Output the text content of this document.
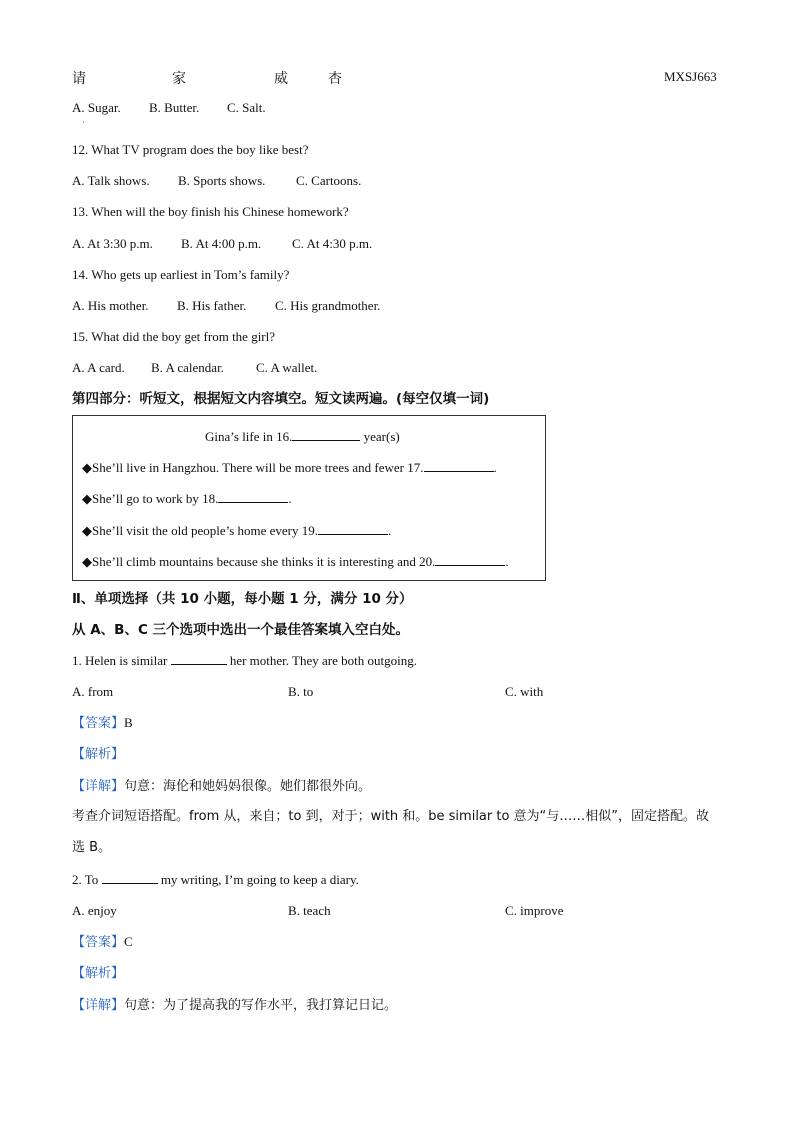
请	家	威	杏	MXSJ663
A. Sugar. B. Butter. C. Salt.
·
12. What TV program does the boy like best?
A. Talk shows. B. Sports shows. C. Cartoons.
13. When will the boy finish his Chinese homework?
A. At 3:30 p.m. B. At 4:00 p.m. C. At 4:30 p.m.
14. Who gets up earliest in Tom’s family?
A. His mother. B. His father. C. His grandmother.
15. What did the boy get from the girl?
A. A card. B. A calendar. C. A wallet.
第四部分：听短文，根据短文内容填空。短文读两遍。(每空仅填一词)
Gina’s life in 16.	year(s)
◆She’ll live in Hangzhou. There will be more trees and fewer 17.	.
◆She’ll go to work by 18.	.
◆She’ll visit the old people’s home every 19.	.
◆She’ll climb mountains because she thinks it is interesting and 20.	.
Ⅱ、单项选择（共 10 小题，每小题 1 分，满分 10 分）
从 A、B、C 三个选项中选出一个最佳答案填入空白处。
1. Helen is similar	her mother. They are both outgoing.
A. from	B. to	C. with
【答案】B
【解析】
【详解】句意：海伦和她妈妈很像。她们都很外向。
考查介词短语搭配。from 从，来自；to 到，对于；with 和。be similar to 意为“与……相似”，固定搭配。故
选 B。
2. To	my writing, I’m going to keep a diary.
A. enjoy	B. teach	C. improve
【答案】C
【解析】
【详解】句意：为了提高我的写作水平，我打算记日记。
